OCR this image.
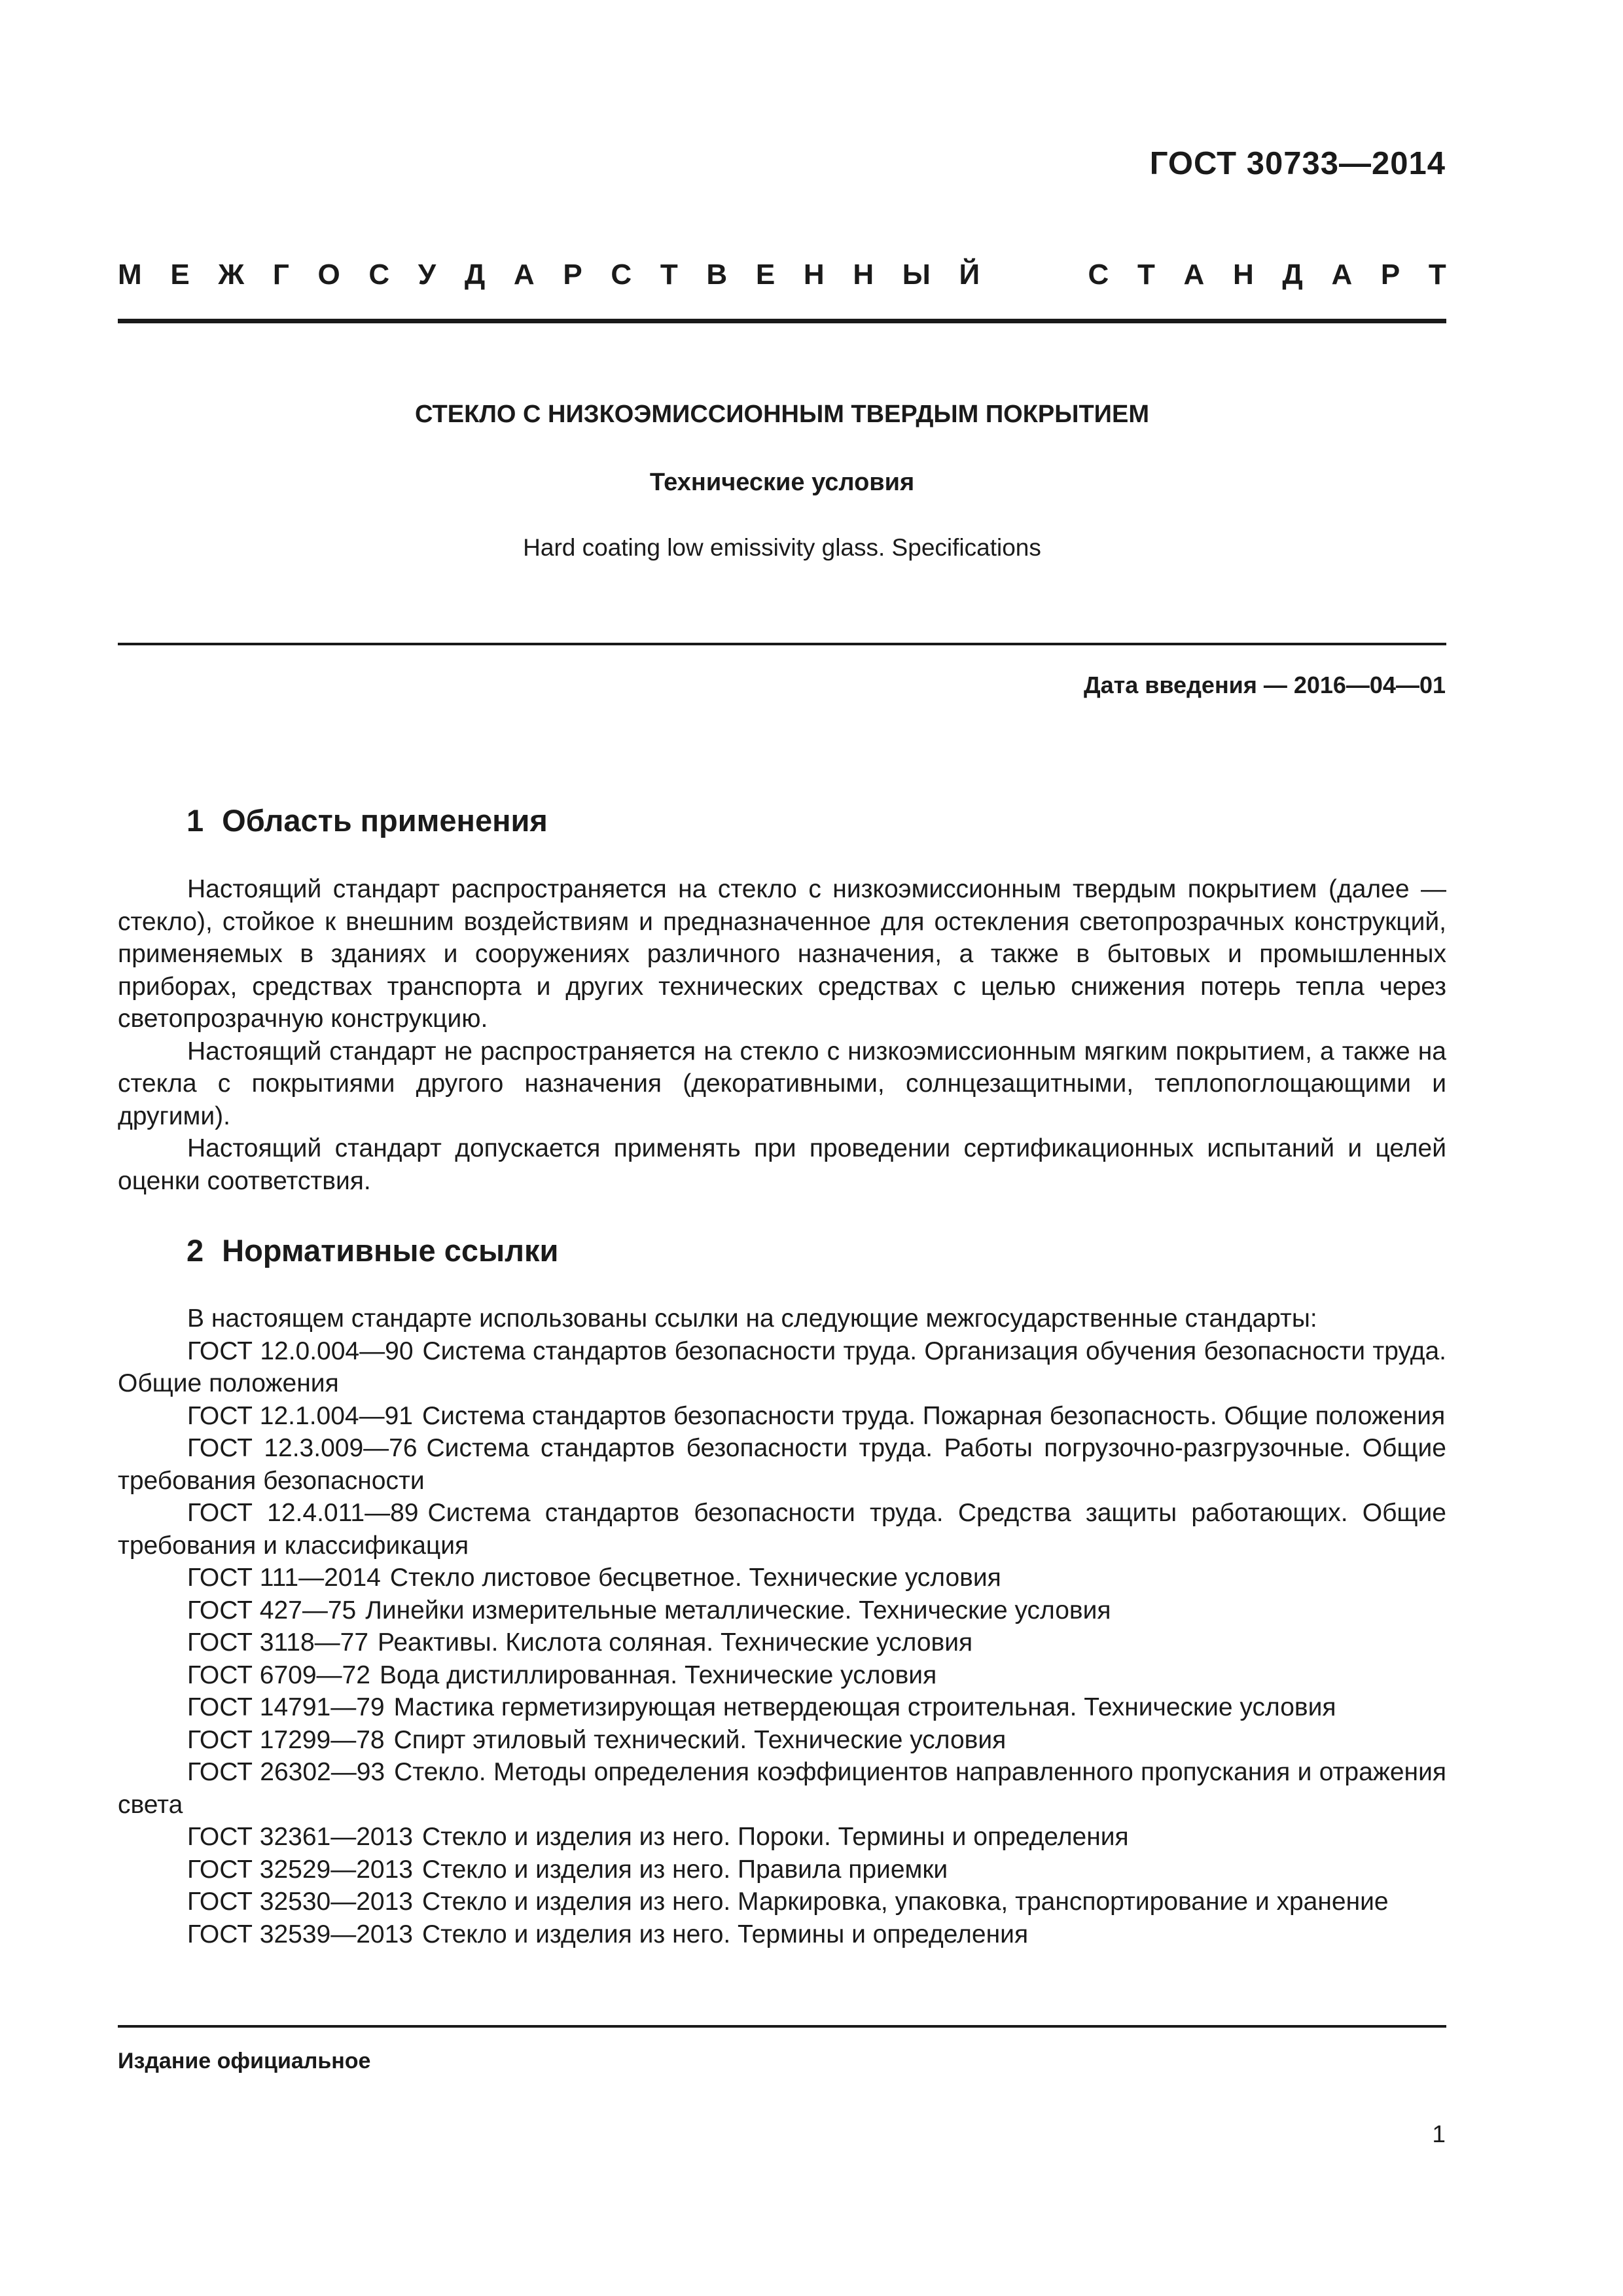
ГОСТ 30733—2014
М Е Ж Г О С У Д А Р С Т В Е Н Н Ы Й	С Т А Н Д А Р Т
СТЕКЛО С НИЗКОЭМИССИОННЫМ ТВЕРДЫМ ПОКРЫТИЕМ
Технические условия
Hard coating low emissivity glass. Specifications
Дата введения — 2016—04—01
1 Область применения

Настоящий стандарт распространяется на стекло с низкоэмиссионным твердым покрытием (далее — стекло), стойкое к внешним воздействиям и предназначенное для остекления светопрозрачных конструкций, применяемых в зданиях и сооружениях различного назначения, а также в бытовых и промышленных приборах, средствах транспорта и других технических средствах с целью снижения потерь тепла через светопрозрачную конструкцию.

Настоящий стандарт не распространяется на стекло с низкоэмиссионным мягким покрытием, а также на стекла с покрытиями другого назначения (декоративными, солнцезащитными, теплопоглощающими и другими).

Настоящий стандарт допускается применять при проведении сертификационных испытаний и целей оценки соответствия.

2 Нормативные ссылки

В настоящем стандарте использованы ссылки на следующие межгосударственные стандарты:

ГОСТ 12.0.004—90 Система стандартов безопасности труда. Организация обучения безопасности труда. Общие положения

ГОСТ 12.1.004—91 Система стандартов безопасности труда. Пожарная безопасность. Общие положения

ГОСТ 12.3.009—76 Система стандартов безопасности труда. Работы погрузочно-разгрузочные. Общие требования безопасности

ГОСТ 12.4.011—89 Система стандартов безопасности труда. Средства защиты работающих. Общие требования и классификация

ГОСТ 111—2014 Стекло листовое бесцветное. Технические условия

ГОСТ 427—75 Линейки измерительные металлические. Технические условия

ГОСТ 3118—77 Реактивы. Кислота соляная. Технические условия

ГОСТ 6709—72 Вода дистиллированная. Технические условия

ГОСТ 14791—79 Мастика герметизирующая нетвердеющая строительная. Технические условия

ГОСТ 17299—78 Спирт этиловый технический. Технические условия

ГОСТ 26302—93 Стекло. Методы определения коэффициентов направленного пропускания и отражения света

ГОСТ 32361—2013 Стекло и изделия из него. Пороки. Термины и определения

ГОСТ 32529—2013 Стекло и изделия из него. Правила приемки

ГОСТ 32530—2013 Стекло и изделия из него. Маркировка, упаковка, транспортирование и хранение

ГОСТ 32539—2013 Стекло и изделия из него. Термины и определения

Издание официальное
1
